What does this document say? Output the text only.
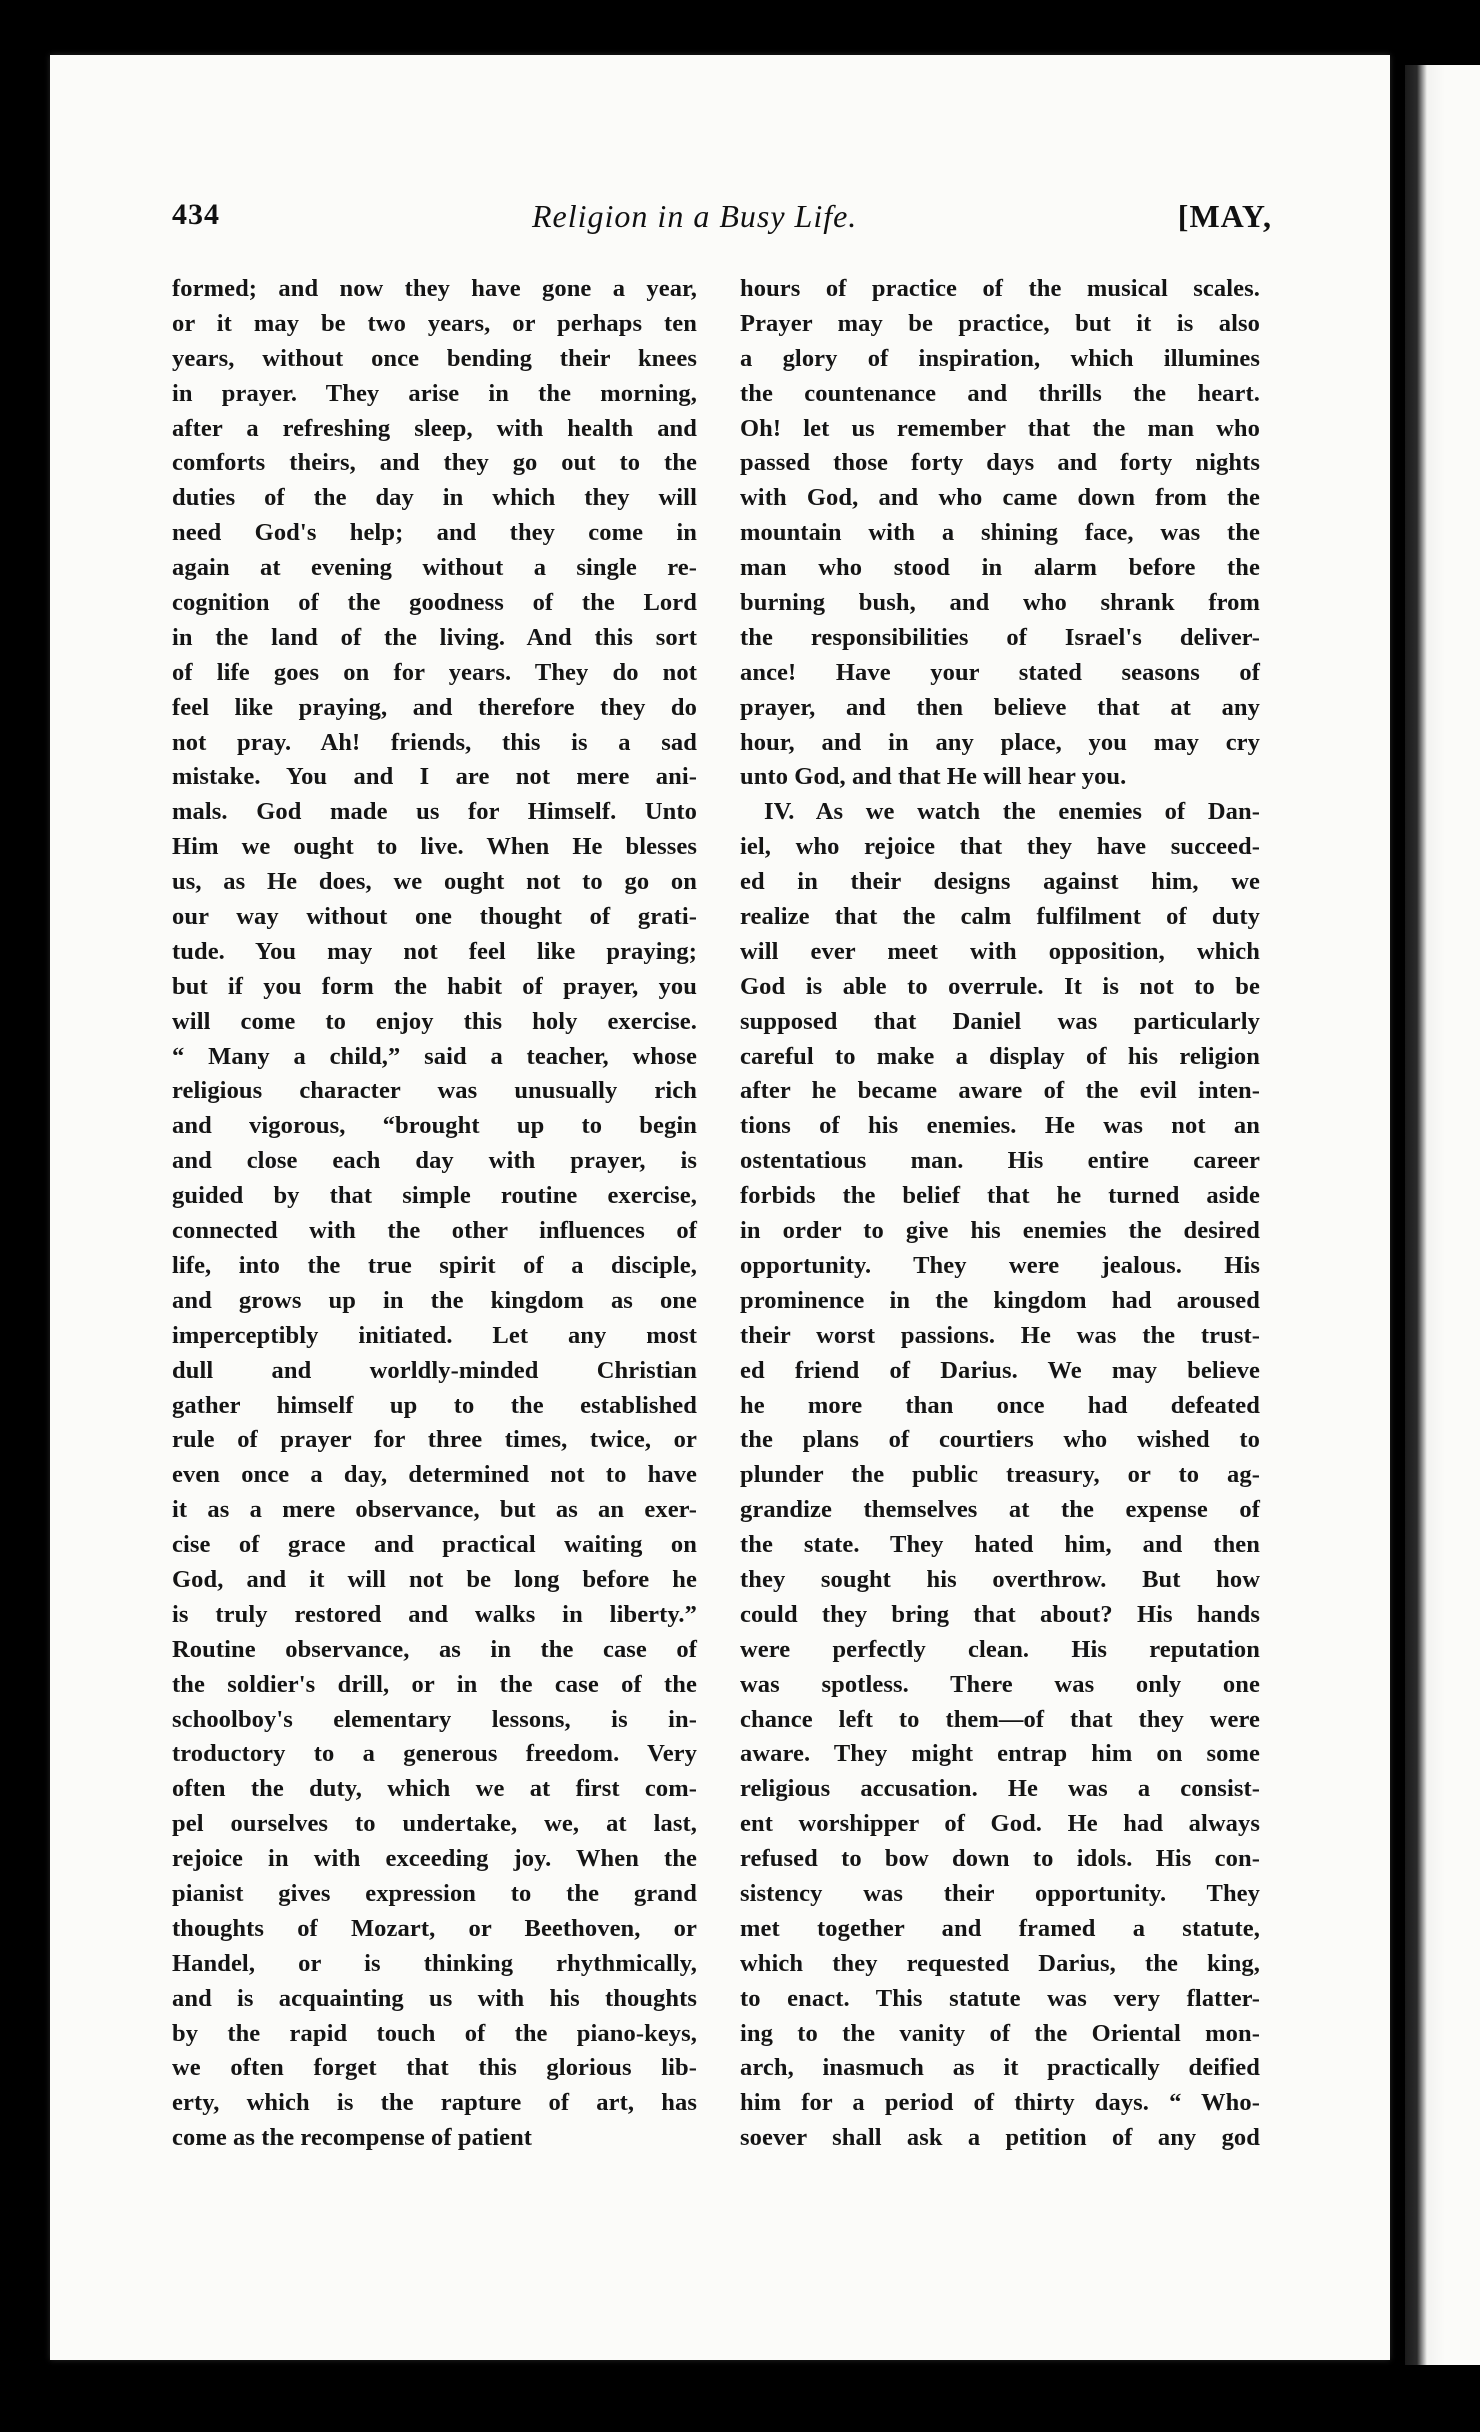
434	Religion in a Busy Life.	[MAY,
formed; and now they have gone a year,
or it may be two years, or perhaps ten
years, without once bending their knees
in prayer. They arise in the morning,
after a refreshing sleep, with health and
comforts theirs, and they go out to the
duties of the day in which they will
need God's help; and they come in
again at evening without a single re-
cognition of the goodness of the Lord
in the land of the living. And this sort
of life goes on for years. They do not
feel like praying, and therefore they do
not pray. Ah! friends, this is a sad
mistake. You and I are not mere ani-
mals. God made us for Himself. Unto
Him we ought to live. When He blesses
us, as He does, we ought not to go on
our way without one thought of grati-
tude. You may not feel like praying;
but if you form the habit of prayer, you
will come to enjoy this holy exercise.
“ Many a child,” said a teacher, whose
religious character was unusually rich
and vigorous, “brought up to begin
and close each day with prayer, is
guided by that simple routine exercise,
connected with the other influences of
life, into the true spirit of a disciple,
and grows up in the kingdom as one
imperceptibly initiated. Let any most
dull and worldly-minded Christian
gather himself up to the established
rule of prayer for three times, twice, or
even once a day, determined not to have
it as a mere observance, but as an exer-
cise of grace and practical waiting on
God, and it will not be long before he
is truly restored and walks in liberty.”
Routine observance, as in the case of
the soldier's drill, or in the case of the
schoolboy's elementary lessons, is in-
troductory to a generous freedom. Very
often the duty, which we at first com-
pel ourselves to undertake, we, at last,
rejoice in with exceeding joy. When the
pianist gives expression to the grand
thoughts of Mozart, or Beethoven, or
Handel, or is thinking rhythmically,
and is acquainting us with his thoughts
by the rapid touch of the piano-keys,
we often forget that this glorious lib-
erty, which is the rapture of art, has
come as the recompense of patient
hours of practice of the musical scales.
Prayer may be practice, but it is also
a glory of inspiration, which illumines
the countenance and thrills the heart.
Oh! let us remember that the man who
passed those forty days and forty nights
with God, and who came down from the
mountain with a shining face, was the
man who stood in alarm before the
burning bush, and who shrank from
the responsibilities of Israel's deliver-
ance! Have your stated seasons of
prayer, and then believe that at any
hour, and in any place, you may cry
unto God, and that He will hear you.
IV. As we watch the enemies of Dan-
iel, who rejoice that they have succeed-
ed in their designs against him, we
realize that the calm fulfilment of duty
will ever meet with opposition, which
God is able to overrule. It is not to be
supposed that Daniel was particularly
careful to make a display of his religion
after he became aware of the evil inten-
tions of his enemies. He was not an
ostentatious man. His entire career
forbids the belief that he turned aside
in order to give his enemies the desired
opportunity. They were jealous. His
prominence in the kingdom had aroused
their worst passions. He was the trust-
ed friend of Darius. We may believe
he more than once had defeated
the plans of courtiers who wished to
plunder the public treasury, or to ag-
grandize themselves at the expense of
the state. They hated him, and then
they sought his overthrow. But how
could they bring that about? His hands
were perfectly clean. His reputation
was spotless. There was only one
chance left to them—of that they were
aware. They might entrap him on some
religious accusation. He was a consist-
ent worshipper of God. He had always
refused to bow down to idols. His con-
sistency was their opportunity. They
met together and framed a statute,
which they requested Darius, the king,
to enact. This statute was very flatter-
ing to the vanity of the Oriental mon-
arch, inasmuch as it practically deified
him for a period of thirty days. “ Who-
soever shall ask a petition of any god
